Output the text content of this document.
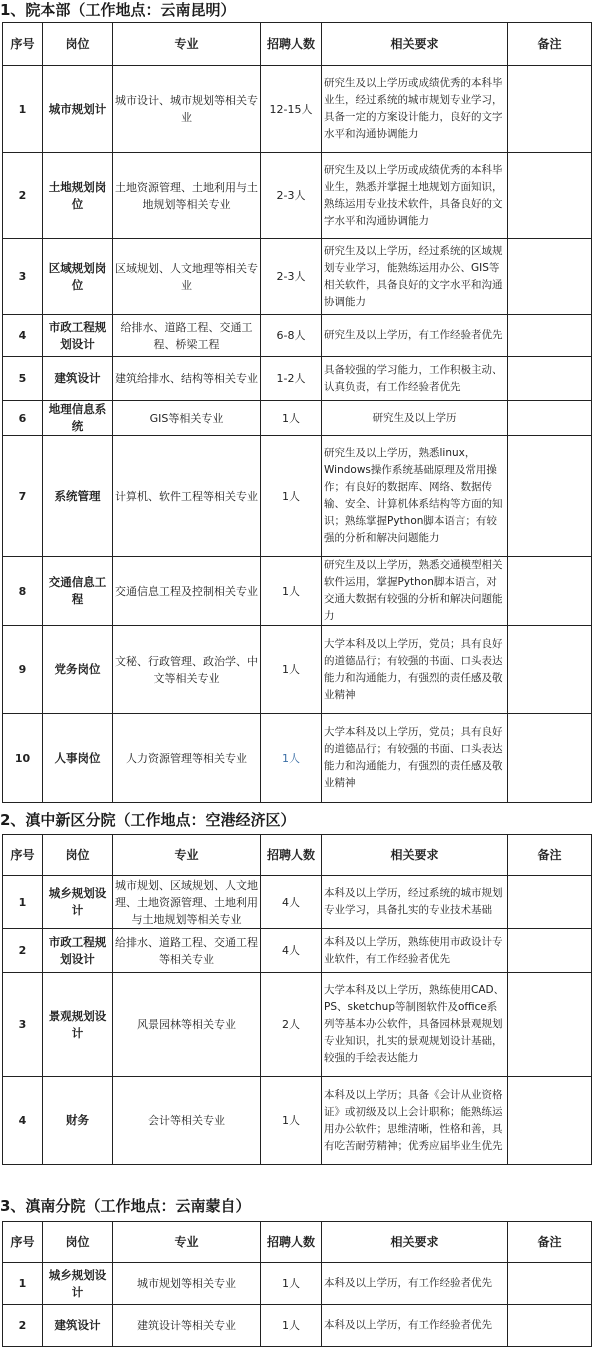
1、院本部（工作地点：云南昆明）
序号	岗位	专业	招聘人数	相关要求	备注
1	城市规划计	城市设计、城市规划等相关专业	12-15人	研究生及以上学历或成绩优秀的本科毕业生，经过系统的城市规划专业学习，具备一定的方案设计能力，良好的文字水平和沟通协调能力	
2	土地规划岗位	土地资源管理、土地利用与土地规划等相关专业	2-3人	研究生及以上学历或成绩优秀的本科毕业生，熟悉并掌握土地规划方面知识，熟练运用专业技术软件，具备良好的文字水平和沟通协调能力	
3	区域规划岗位	区域规划、人文地理等相关专业	2-3人	研究生及以上学历，经过系统的区域规划专业学习，能熟练运用办公、GIS等相关软件，具备良好的文字水平和沟通协调能力	
4	市政工程规划设计	给排水、道路工程、交通工程、桥梁工程	6-8人	研究生及以上学历，有工作经验者优先	
5	建筑设计	建筑给排水、结构等相关专业	1-2人	具备较强的学习能力，工作积极主动、认真负责，有工作经验者优先	
6	地理信息系统	GIS等相关专业	1人	研究生及以上学历	
7	系统管理	计算机、软件工程等相关专业	1人	研究生及以上学历，熟悉linux，Windows操作系统基础原理及常用操作；有良好的数据库、网络、数据传输、安全、计算机体系结构等方面的知识；熟练掌握Python脚本语言；有较强的分析和解决问题能力	
8	交通信息工程	交通信息工程及控制相关专业	1人	研究生及以上学历，熟悉交通模型相关软件运用，掌握Python脚本语言，对交通大数据有较强的分析和解决问题能力	
9	党务岗位	文秘、行政管理、政治学、中文等相关专业	1人	大学本科及以上学历，党员；具有良好的道德品行；有较强的书面、口头表达能力和沟通能力，有强烈的责任感及敬业精神	
10	人事岗位	人力资源管理等相关专业	1人	大学本科及以上学历，党员；具有良好的道德品行；有较强的书面、口头表达能力和沟通能力，有强烈的责任感及敬业精神	
2、滇中新区分院（工作地点：空港经济区）
序号	岗位	专业	招聘人数	相关要求	备注
1	城乡规划设计	城市规划、区域规划、人文地理、土地资源管理、土地利用与土地规划等相关专业	4人	本科及以上学历，经过系统的城市规划专业学习，具备扎实的专业技术基础	
2	市政工程规划设计	给排水、道路工程、交通工程等相关专业	4人	本科及以上学历，熟练使用市政设计专业软件，有工作经验者优先	
3	景观规划设计	风景园林等相关专业	2人	大学本科及以上学历，熟练使用CAD、PS、sketchup等制图软件及office系列等基本办公软件，具备园林景观规划专业知识，扎实的景观规划设计基础，较强的手绘表达能力	
4	财务	会计等相关专业	1人	本科及以上学历；具备《会计从业资格证》或初级及以上会计职称；能熟练运用办公软件；思维清晰，性格和善，具有吃苦耐劳精神；优秀应届毕业生优先	
3、滇南分院（工作地点：云南蒙自）
序号	岗位	专业	招聘人数	相关要求	备注
1	城乡规划设计	城市规划等相关专业	1人	本科及以上学历，有工作经验者优先	
2	建筑设计	建筑设计等相关专业	1人	本科及以上学历，有工作经验者优先	
